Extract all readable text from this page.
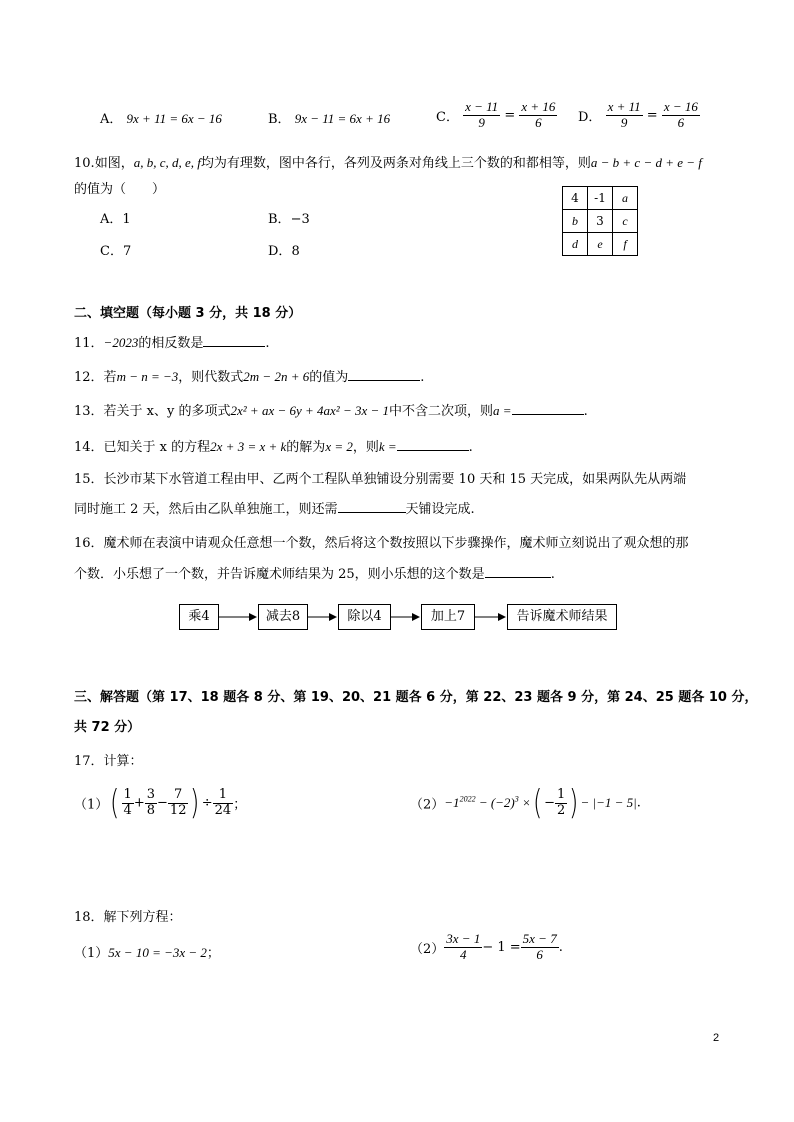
A． 9x + 11 = 6x − 16	B． 9x − 11 = 6x + 16	C． $\frac{x - 11}{9} = \frac{x + 16}{6}$ D． $\frac{x + 11}{9} = \frac{x - 16}{6}$
10.如图，a, b, c, d, e, f均为有理数，图中各行，各列及两条对角线上三个数的和都相等，则a − b + c − d + e − f
的值为（　　）
A．1	B．−3
C．7	D．8
4	-1	a
b	3	c
d	e	f
二、填空题（每小题 3 分，共 18 分）
11．−2023的相反数是	.
12．若m − n = −3，则代数式2m − 2n + 6的值为	.
13．若关于 x、y 的多项式2x² + ax − 6y + 4ax² − 3x − 1中不含二次项，则a =	.
14．已知关于 x 的方程2x + 3 = x + k的解为x = 2，则k =	.
15．长沙市某下水管道工程由甲、乙两个工程队单独铺设分别需要 10 天和 15 天完成，如果两队先从两端
同时施工 2 天，然后由乙队单独施工，则还需	天铺设完成.
16．魔术师在表演中请观众任意想一个数，然后将这个数按照以下步骤操作，魔术师立刻说出了观众想的那
个数．小乐想了一个数，并告诉魔术师结果为 25，则小乐想的这个数是	.
乘4	减去8	除以4	加上7	告诉魔术师结果
三、解答题（第 17、18 题各 8 分、第 19、20、21 题各 6 分，第 22、23 题各 9 分，第 24、25 题各 10 分，
共 72 分）
17．计算：
$(1)( \frac{1}{4} + \frac{3}{8} - \frac{7}{12}$ ) ÷ $\frac{1}{24}$ ；	$(2)-1^{2022} - (-2)^3$ ×( − $\frac{1}{2}$ ) − |−1 − 5|.
18．解下列方程：
（1）5x − 10 = −3x − 2；	$(2) \frac{3x - 1}{4} - 1 = \frac{5x - 7}{6}$ .
2
